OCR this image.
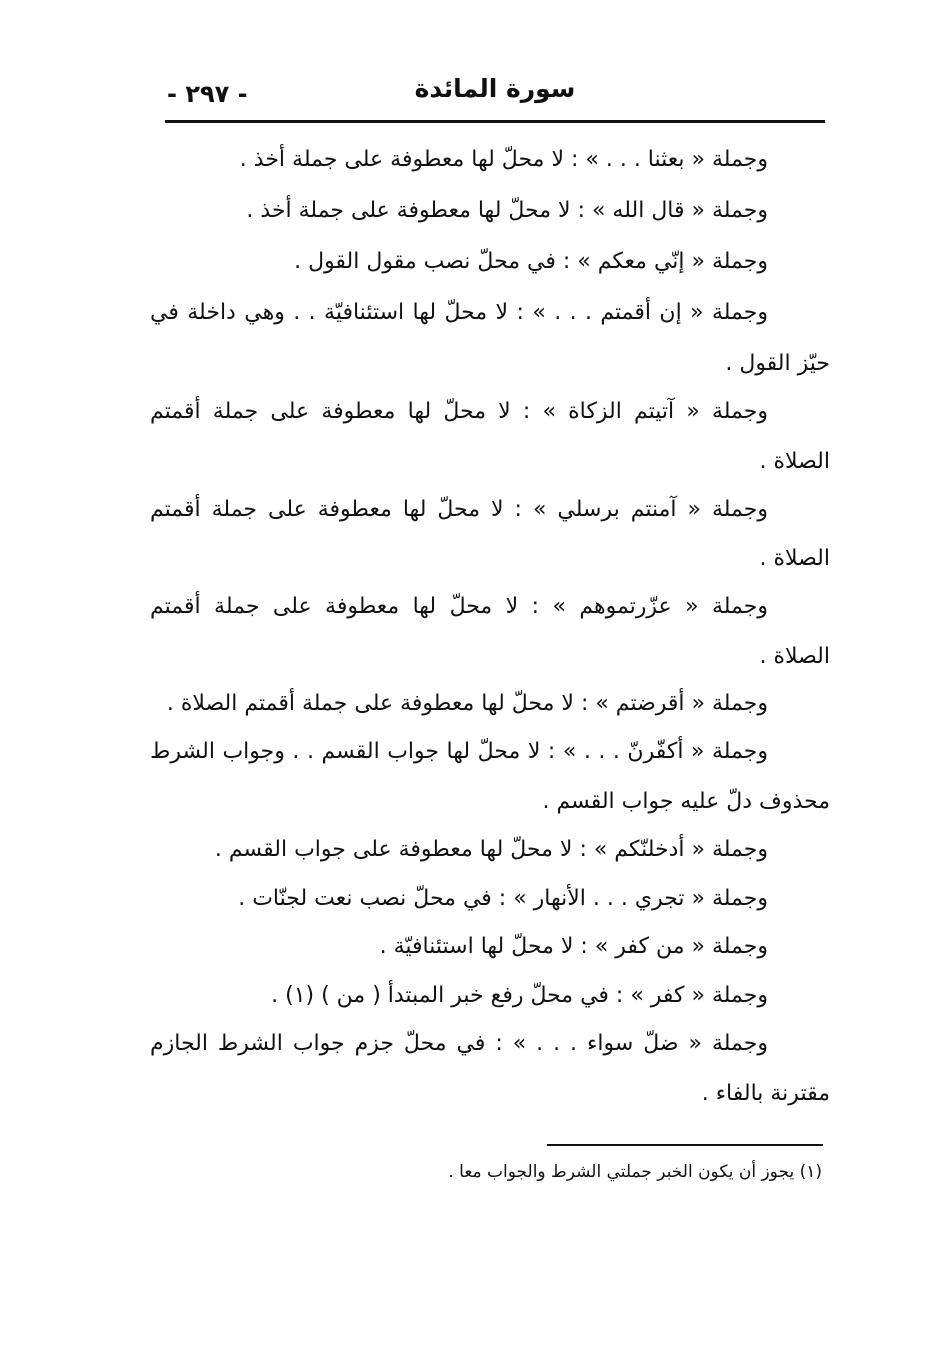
- ٢٩٧ -	سورة المائدة
وجملة « بعثنا . . . » : لا محلّ لها معطوفة على جملة أخذ .
وجملة « قال الله » : لا محلّ لها معطوفة على جملة أخذ .
وجملة « إنّي معكم » : في محلّ نصب مقول القول .
وجملة « إن أقمتم . . . » : لا محلّ لها استئنافيّة . . وهي داخلة في
حيّز القول .
وجملة « آتيتم الزكاة » : لا محلّ لها معطوفة على جملة أقمتم
الصلاة .
وجملة « آمنتم برسلي » : لا محلّ لها معطوفة على جملة أقمتم
الصلاة .
وجملة « عزّرتموهم » : لا محلّ لها معطوفة على جملة أقمتم
الصلاة .
وجملة « أقرضتم » : لا محلّ لها معطوفة على جملة أقمتم الصلاة .
وجملة « أكفّرنّ . . . » : لا محلّ لها جواب القسم . . وجواب الشرط
محذوف دلّ عليه جواب القسم .
وجملة « أدخلنّكم » : لا محلّ لها معطوفة على جواب القسم .
وجملة « تجري . . . الأنهار » : في محلّ نصب نعت لجنّات .
وجملة « من كفر » : لا محلّ لها استئنافيّة .
وجملة « كفر » : في محلّ رفع خبر المبتدأ ( من ) (١) .
وجملة « ضلّ سواء . . . » : في محلّ جزم جواب الشرط الجازم
مقترنة بالفاء .
(١) يجوز أن يكون الخبر جملتي الشرط والجواب معا .
